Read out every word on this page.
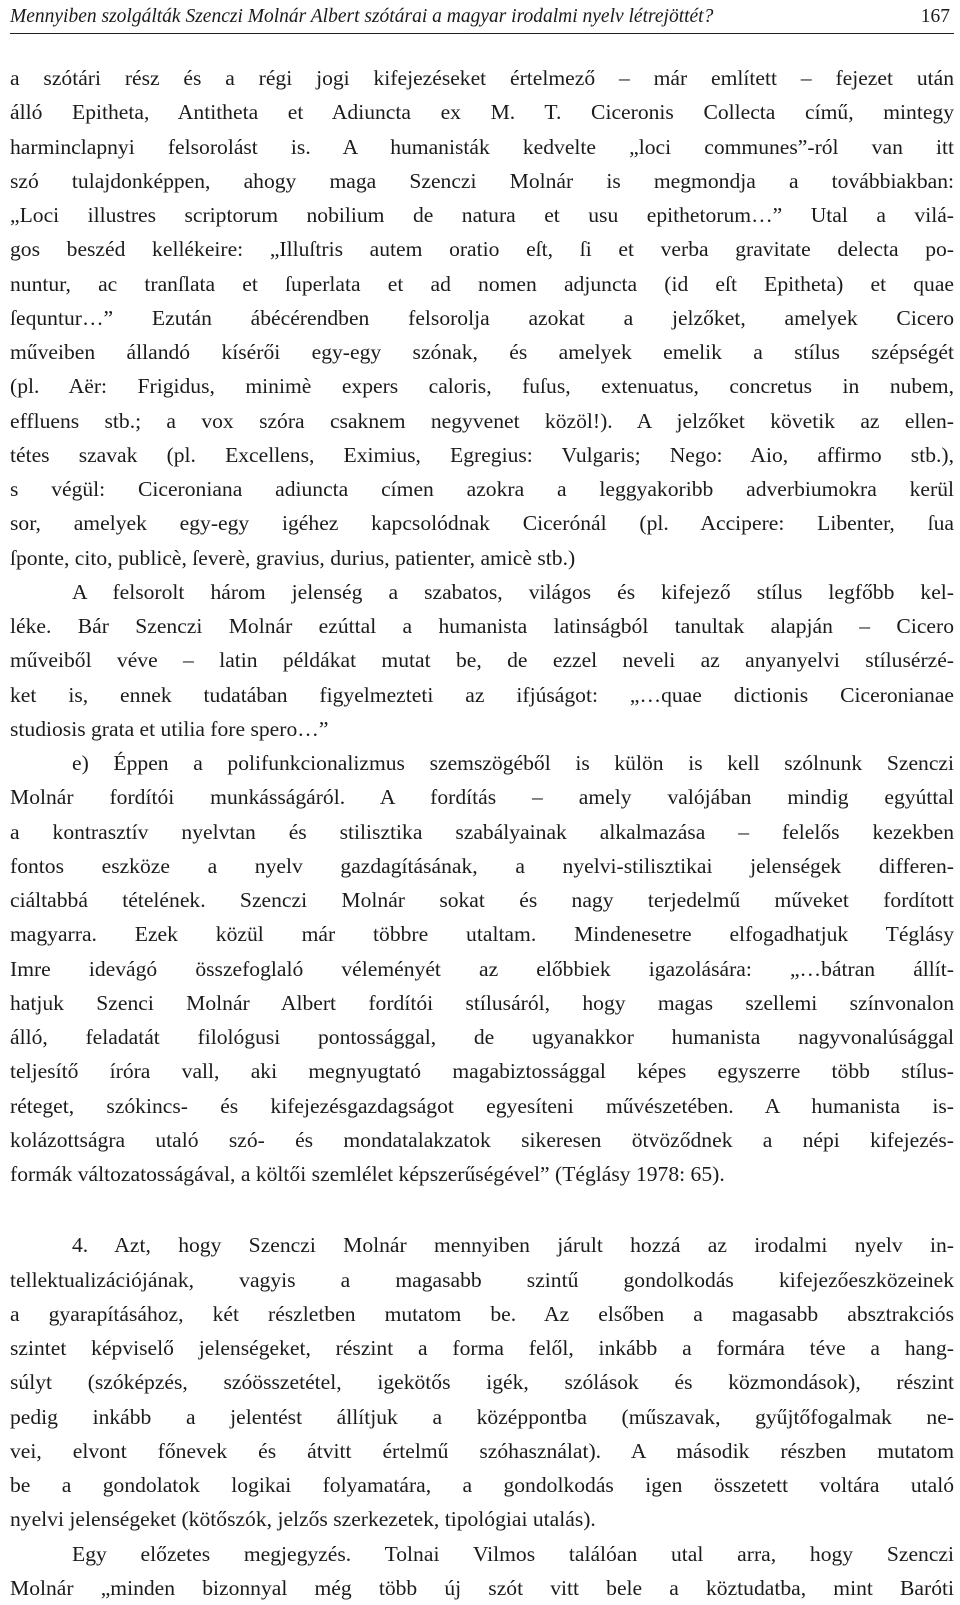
Mennyiben szolgálták Szenczi Molnár Albert szótárai a magyar irodalmi nyelv létrejöttét?	167
a szótári rész és a régi jogi kifejezéseket értelmező – már említett – fejezet után
álló Epitheta, Antitheta et Adiuncta ex M. T. Ciceronis Collecta című, mintegy
harminclapnyi felsorolást is. A humanisták kedvelte „loci communes”-ról van itt
szó tulajdonképpen, ahogy maga Szenczi Molnár is megmondja a továbbiakban:
„Loci illustres scriptorum nobilium de natura et usu epithetorum…” Utal a vilá-
gos beszéd kellékeire: „Illuſtris autem oratio eſt, ſi et verba gravitate delecta po-
nuntur, ac tranſlata et ſuperlata et ad nomen adjuncta (id eſt Epitheta) et quae
ſequntur…” Ezután ábécérendben felsorolja azokat a jelzőket, amelyek Cicero
műveiben állandó kísérői egy-egy szónak, és amelyek emelik a stílus szépségét
(pl. Aër: Frigidus, minimè expers caloris, fuſus, extenuatus, concretus in nubem,
effluens stb.; a vox szóra csaknem negyvenet közöl!). A jelzőket követik az ellen-
tétes szavak (pl. Excellens, Eximius, Egregius: Vulgaris; Nego: Aio, affirmo stb.),
s végül: Ciceroniana adiuncta címen azokra a leggyakoribb adverbiumokra kerül
sor, amelyek egy-egy igéhez kapcsolódnak Cicerónál (pl. Accipere: Libenter, ſua
ſponte, cito, publicè, ſeverè, gravius, durius, patienter, amicè stb.)
A felsorolt három jelenség a szabatos, világos és kifejező stílus legfőbb kel-
léke. Bár Szenczi Molnár ezúttal a humanista latinságból tanultak alapján – Cicero
műveiből véve – latin példákat mutat be, de ezzel neveli az anyanyelvi stílusérzé-
ket is, ennek tudatában figyelmezteti az ifjúságot: „…quae dictionis Ciceronianae
studiosis grata et utilia fore spero…”
e) Éppen a polifunkcionalizmus szemszögéből is külön is kell szólnunk Szenczi
Molnár fordítói munkásságáról. A fordítás – amely valójában mindig egyúttal
a kontrasztív nyelvtan és stilisztika szabályainak alkalmazása – felelős kezekben
fontos eszköze a nyelv gazdagításának, a nyelvi-stilisztikai jelenségek differen-
ciáltabbá tételének. Szenczi Molnár sokat és nagy terjedelmű műveket fordított
magyarra. Ezek közül már többre utaltam. Mindenesetre elfogadhatjuk Téglásy
Imre idevágó összefoglaló véleményét az előbbiek igazolására: „…bátran állít-
hatjuk Szenci Molnár Albert fordítói stílusáról, hogy magas szellemi színvonalon
álló, feladatát filológusi pontossággal, de ugyanakkor humanista nagyvonalúsággal
teljesítő íróra vall, aki megnyugtató magabiztossággal képes egyszerre több stílus-
réteget, szókincs- és kifejezésgazdagságot egyesíteni művészetében. A humanista is-
kolázottságra utaló szó- és mondatalakzatok sikeresen ötvöződnek a népi kifejezés-
formák változatosságával, a költői szemlélet képszerűségével” (Téglásy 1978: 65).
4. Azt, hogy Szenczi Molnár mennyiben járult hozzá az irodalmi nyelv in-
tellektualizációjának, vagyis a magasabb szintű gondolkodás kifejezőeszközeinek
a gyarapításához, két részletben mutatom be. Az elsőben a magasabb absztrakciós
szintet képviselő jelenségeket, részint a forma felől, inkább a formára téve a hang-
súlyt (szóképzés, szóösszetétel, igekötős igék, szólások és közmondások), részint
pedig inkább a jelentést állítjuk a középpontba (műszavak, gyűjtőfogalmak ne-
vei, elvont főnevek és átvitt értelmű szóhasználat). A második részben mutatom
be a gondolatok logikai folyamatára, a gondolkodás igen összetett voltára utaló
nyelvi jelenségeket (kötőszók, jelzős szerkezetek, tipológiai utalás).
Egy előzetes megjegyzés. Tolnai Vilmos találóan utal arra, hogy Szenczi
Molnár „minden bizonnyal még több új szót vitt bele a köztudatba, mint Baróti
